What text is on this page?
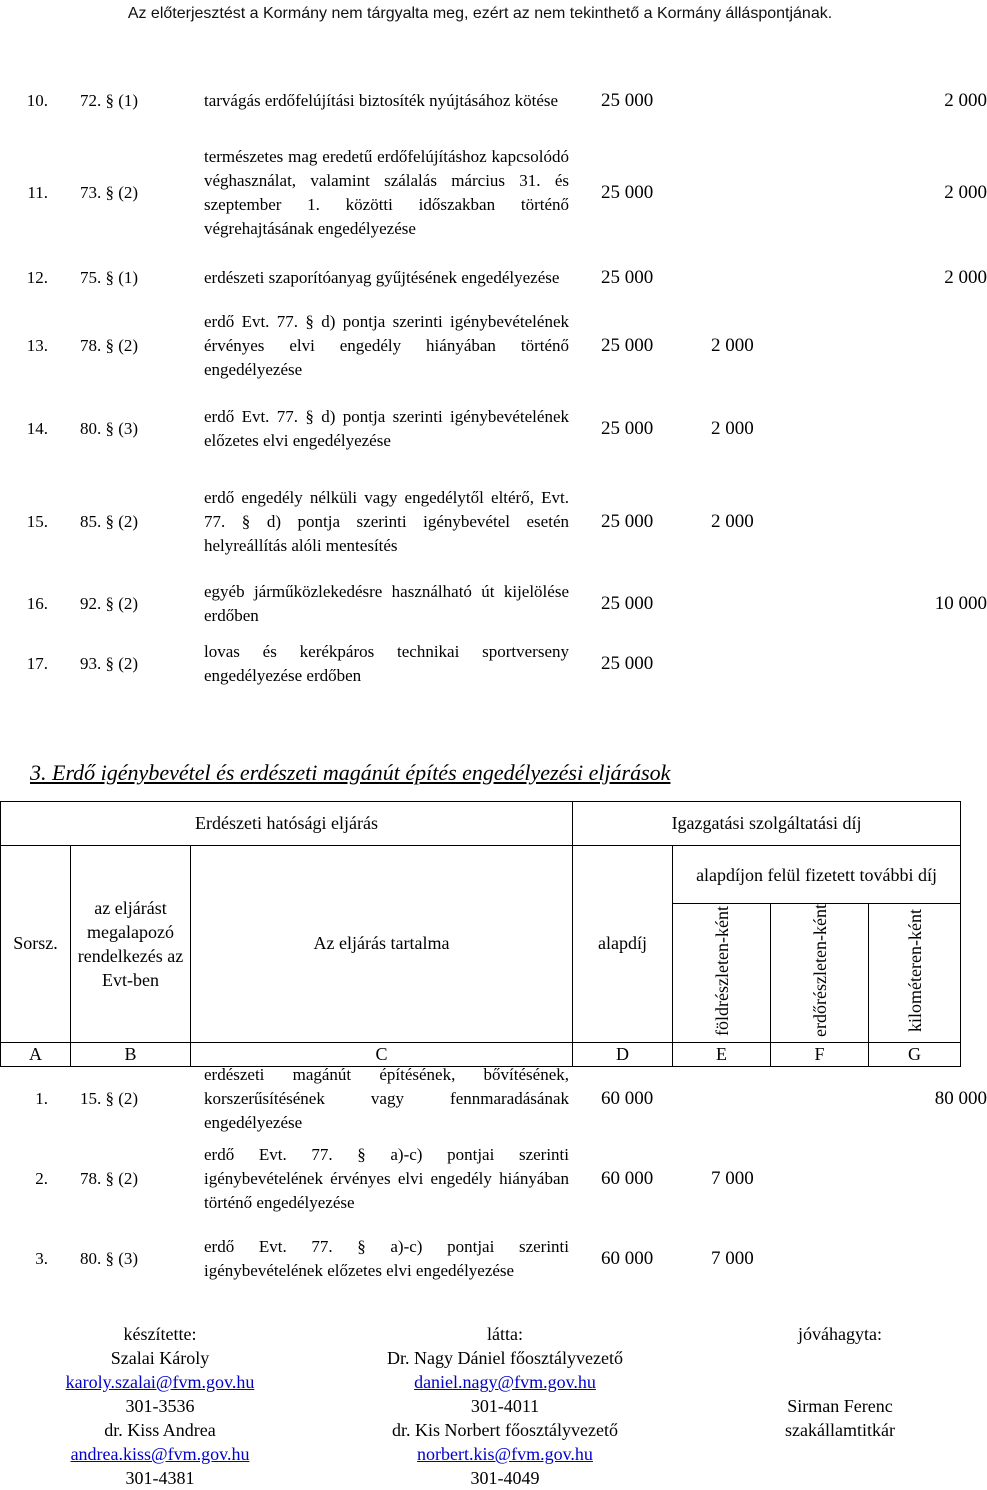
Az előterjesztést a Kormány nem tárgyalta meg, ezért az nem tekinthető a Kormány álláspontjának.
10.	72. § (1)	tarvágás erdőfelújítási biztosíték nyújtásához kötése	25 000			2 000
11.	73. § (2)	természetes mag eredetű erdőfelújításhoz kapcsolódó véghasználat, valamint szálalás március 31. és szeptember 1. közötti időszakban történő végrehajtásának engedélyezése	25 000			2 000
12.	75. § (1)	erdészeti szaporítóanyag gyűjtésének engedélyezése	25 000			2 000
13.	78. § (2)	erdő Evt. 77. § d) pontja szerinti igénybevételének érvényes elvi engedély hiányában történő engedélyezése	25 000	2 000		
14.	80. § (3)	erdő Evt. 77. § d) pontja szerinti igénybevételének előzetes elvi engedélyezése	25 000	2 000		
15.	85. § (2)	erdő engedély nélküli vagy engedélytől eltérő, Evt. 77. § d) pontja szerinti igénybevétel esetén helyreállítás alóli mentesítés	25 000	2 000		
16.	92. § (2)	egyéb járműközlekedésre használható út kijelölése erdőben	25 000			10 000
17.	93. § (2)	lovas és kerékpáros technikai sportverseny engedélyezése erdőben	25 000			
3. Erdő igénybevétel és erdészeti magánút építés engedélyezési eljárások
Erdészeti hatósági eljárás			Igazgatási szolgáltatási díj			
Sorsz.	az eljárást megalapozó rendelkezés az Evt-ben	Az eljárás tartalma	alapdíj	alapdíjon felül fizetett további díj		
				földrészleten-ként	erdőrészleten-ként	kilométeren-ként
A	B	C	D	E	F	G
1.	15. § (2)	erdészeti magánút építésének, bővítésének, korszerűsítésének vagy fennmaradásának engedélyezése	60 000			80 000
2.	78. § (2)	erdő Evt. 77. § a)-c) pontjai szerinti igénybevételének érvényes elvi engedély hiányában történő engedélyezése	60 000	7 000		
3.	80. § (3)	erdő Evt. 77. § a)-c) pontjai szerinti igénybevételének előzetes elvi engedélyezése	60 000	7 000		
készítette:
Szalai Károly
karoly.szalai@fvm.gov.hu
301-3536
dr. Kiss Andrea
andrea.kiss@fvm.gov.hu
301-4381
látta:
Dr. Nagy Dániel főosztályvezető
daniel.nagy@fvm.gov.hu
301-4011
dr. Kis Norbert főosztályvezető
norbert.kis@fvm.gov.hu
301-4049
jóváhagyta:
Sirman Ferenc
szakállamtitkár
